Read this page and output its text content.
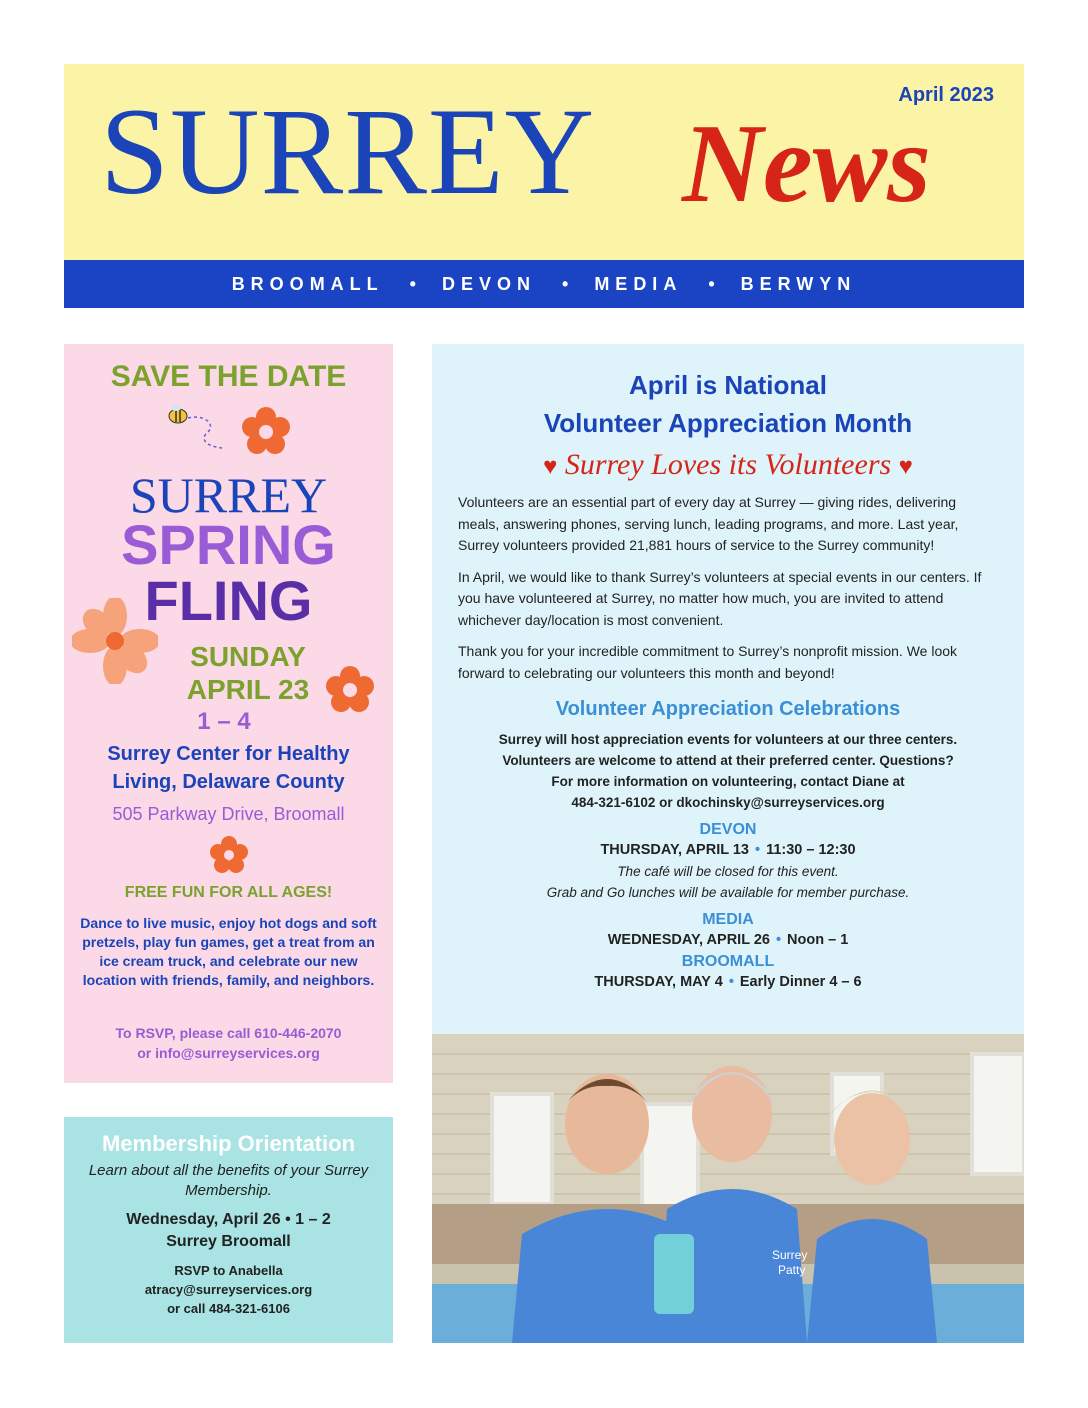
April 2023
SURREY News
BROOMALL • DEVON • MEDIA • BERWYN
SAVE THE DATE
SURREY
SPRING
FLING
SUNDAY
APRIL 23
1 – 4
Surrey Center for Healthy Living, Delaware County
505 Parkway Drive, Broomall
FREE FUN FOR ALL AGES!
Dance to live music, enjoy hot dogs and soft pretzels, play fun games, get a treat from an ice cream truck, and celebrate our new location with friends, family, and neighbors.
To RSVP, please call 610-446-2070
or info@surreyservices.org
Membership Orientation
Learn about all the benefits of your Surrey Membership.
Wednesday, April 26 • 1 – 2
Surrey Broomall
RSVP to Anabella
atracy@surreyservices.org
or call 484-321-6106
April is National
Volunteer Appreciation Month
♥ Surrey Loves its Volunteers ♥
Volunteers are an essential part of every day at Surrey — giving rides, delivering meals, answering phones, serving lunch, leading programs, and more. Last year, Surrey volunteers provided 21,881 hours of service to the Surrey community!
In April, we would like to thank Surrey’s volunteers at special events in our centers. If you have volunteered at Surrey, no matter how much, you are invited to attend whichever day/location is most convenient.
Thank you for your incredible commitment to Surrey’s nonprofit mission. We look forward to celebrating our volunteers this month and beyond!
Volunteer Appreciation Celebrations
Surrey will host appreciation events for volunteers at our three centers.
Volunteers are welcome to attend at their preferred center. Questions?
For more information on volunteering, contact Diane at
484-321-6102 or dkochinsky@surreyservices.org
DEVON
THURSDAY, APRIL 13 • 11:30 – 12:30
The café will be closed for this event.
Grab and Go lunches will be available for member purchase.
MEDIA
WEDNESDAY, APRIL 26 • Noon – 1
BROOMALL
THURSDAY, MAY 4 • Early Dinner 4 – 6
Surrey
Patty
